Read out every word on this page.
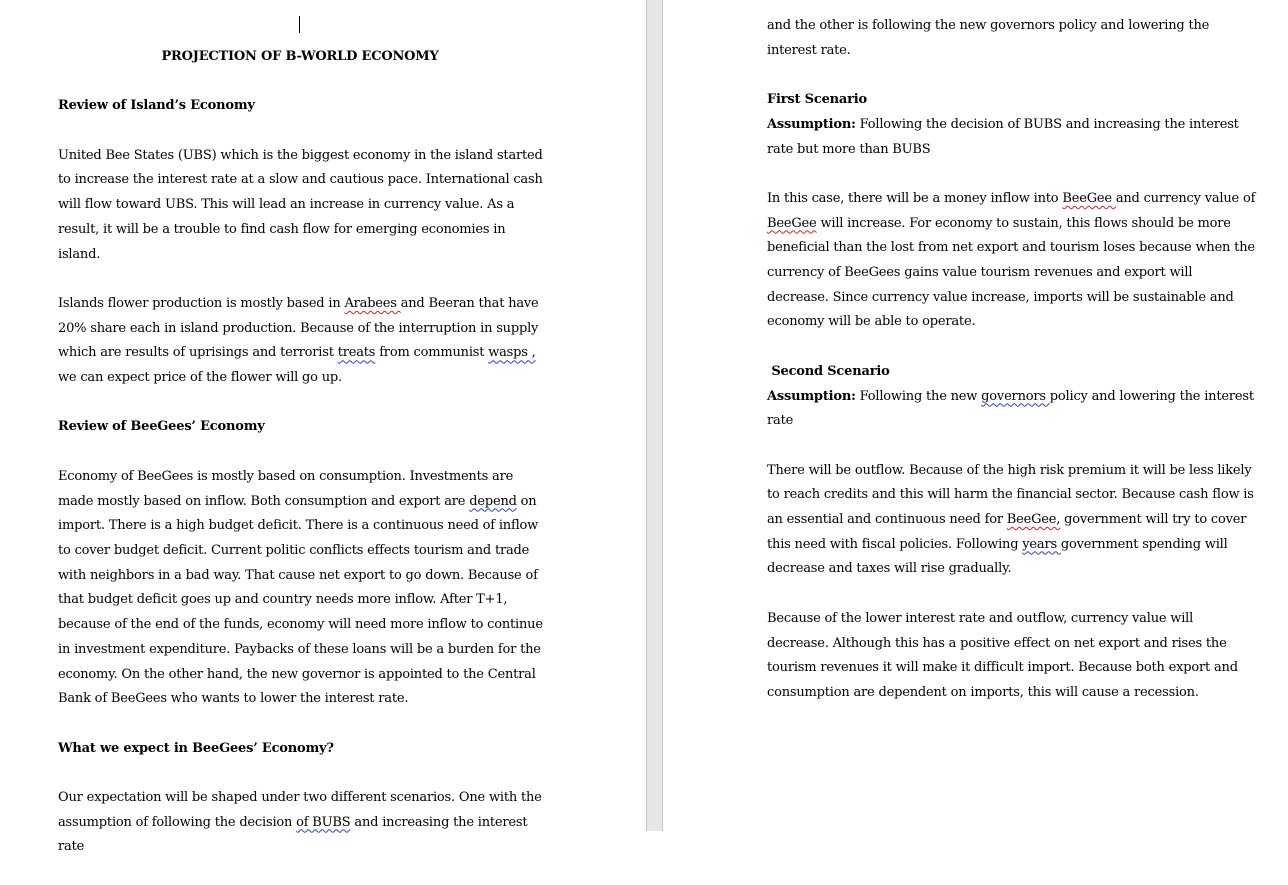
PROJECTION OF B-WORLD ECONOMY

Review of Island’s Economy

United Bee States (UBS) which is the biggest economy in the island started to increase the interest rate at a slow and cautious pace. International cash will flow toward UBS. This will lead an increase in currency value. As a result, it will be a trouble to find cash flow for emerging economies in island.

Islands flower production is mostly based in Arabees and Beeran that have 20% share each in island production. Because of the interruption in supply which are results of uprisings and terrorist treats from communist wasps , we can expect price of the flower will go up.

Review of BeeGees’ Economy

Economy of BeeGees is mostly based on consumption. Investments are made mostly based on inflow. Both consumption and export are depend on import. There is a high budget deficit. There is a continuous need of inflow to cover budget deficit. Current politic conflicts effects tourism and trade with neighbors in a bad way. That cause net export to go down. Because of that budget deficit goes up and country needs more inflow. After T+1, because of the end of the funds, economy will need more inflow to continue in investment expenditure. Paybacks of these loans will be a burden for the economy. On the other hand, the new governor is appointed to the Central Bank of BeeGees who wants to lower the interest rate.

What we expect in BeeGees’ Economy?

Our expectation will be shaped under two different scenarios. One with the assumption of following the decision of BUBS and increasing the interest rate

and the other is following the new governors policy and lowering the interest rate.

First Scenario

Assumption: Following the decision of BUBS and increasing the interest rate but more than BUBS

In this case, there will be a money inflow into BeeGee and currency value of BeeGee will increase. For economy to sustain, this flows should be more beneficial than the lost from net export and tourism loses because when the currency of BeeGees gains value tourism revenues and export will decrease. Since currency value increase, imports will be sustainable and economy will be able to operate.

Second Scenario

Assumption: Following the new governors policy and lowering the interest rate

There will be outflow. Because of the high risk premium it will be less likely to reach credits and this will harm the financial sector. Because cash flow is an essential and continuous need for BeeGee, government will try to cover this need with fiscal policies. Following years government spending will decrease and taxes will rise gradually.

Because of the lower interest rate and outflow, currency value will decrease. Although this has a positive effect on net export and rises the tourism revenues it will make it difficult import. Because both export and consumption are dependent on imports, this will cause a recession.
